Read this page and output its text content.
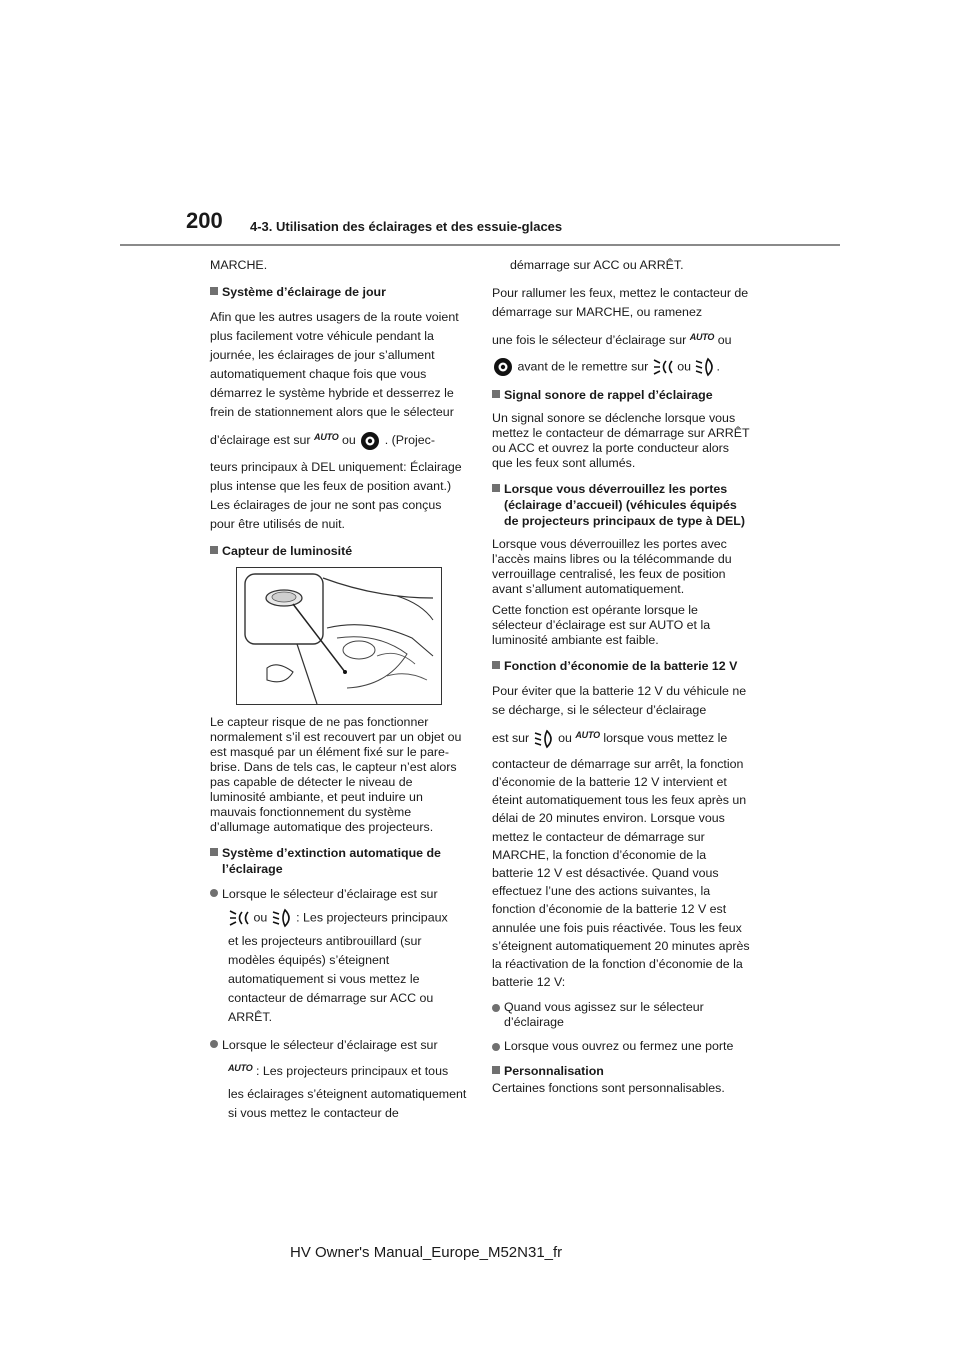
200 4-3. Utilisation des éclairages et des essuie-glaces

MARCHE.

Système d’éclairage de jour

Afin que les autres usagers de la route voient plus facilement votre véhicule pendant la journée, les éclairages de jour s’allument automatiquement chaque fois que vous démarrez le système hybride et desserrez le frein de stationnement alors que le sélecteur

d’éclairage est sur $^{AUTO}$ ou . (Projec-

teurs principaux à DEL uniquement: Éclairage plus intense que les feux de position avant.) Les éclairages de jour ne sont pas conçus pour être utilisés de nuit.

Capteur de luminosité

Le capteur risque de ne pas fonctionner normalement s’il est recouvert par un objet ou est masqué par un élément fixé sur le pare-brise. Dans de tels cas, le capteur n’est alors pas capable de détecter le niveau de luminosité ambiante, et peut induire un mauvais fonctionnement du système d’allumage automatique des projecteurs.

Système d’extinction automatique de l’éclairage

Lorsque le sélecteur d’éclairage est sur

ou : Les projecteurs principaux

et les projecteurs antibrouillard (sur modèles équipés) s’éteignent automatiquement si vous mettez le contacteur de démarrage sur ACC ou ARRÊT.

Lorsque le sélecteur d’éclairage est sur

$^{AUTO}$ : Les projecteurs principaux et tous

les éclairages s’éteignent automatiquement si vous mettez le contacteur de

démarrage sur ACC ou ARRÊT.

Pour rallumer les feux, mettez le contacteur de démarrage sur MARCHE, ou ramenez

une fois le sélecteur d’éclairage sur $^{AUTO}$ ou

avant de le remettre sur ou .

Signal sonore de rappel d’éclairage

Un signal sonore se déclenche lorsque vous mettez le contacteur de démarrage sur ARRÊT ou ACC et ouvrez la porte conducteur alors que les feux sont allumés.

Lorsque vous déverrouillez les portes (éclairage d’accueil) (véhicules équipés de projecteurs principaux de type à DEL)

Lorsque vous déverrouillez les portes avec l’accès mains libres ou la télécommande du verrouillage centralisé, les feux de position avant s’allument automatiquement.

Cette fonction est opérante lorsque le sélecteur d’éclairage est sur AUTO et la luminosité ambiante est faible.

Fonction d’économie de la batterie 12 V

Pour éviter que la batterie 12 V du véhicule ne se décharge, si le sélecteur d’éclairage

est sur ou $^{AUTO}$ lorsque vous mettez le

contacteur de démarrage sur arrêt, la fonction d’économie de la batterie 12 V intervient et éteint automatiquement tous les feux après un délai de 20 minutes environ. Lorsque vous mettez le contacteur de démarrage sur MARCHE, la fonction d’économie de la batterie 12 V est désactivée. Quand vous effectuez l’une des actions suivantes, la fonction d’économie de la batterie 12 V est annulée une fois puis réactivée. Tous les feux s’éteignent automatiquement 20 minutes après la réactivation de la fonction d’économie de la batterie 12 V:

Quand vous agissez sur le sélecteur d’éclairage
Lorsque vous ouvrez ou fermez une porte
Personnalisation

Certaines fonctions sont personnalisables.

HV Owner's Manual_Europe_M52N31_fr
